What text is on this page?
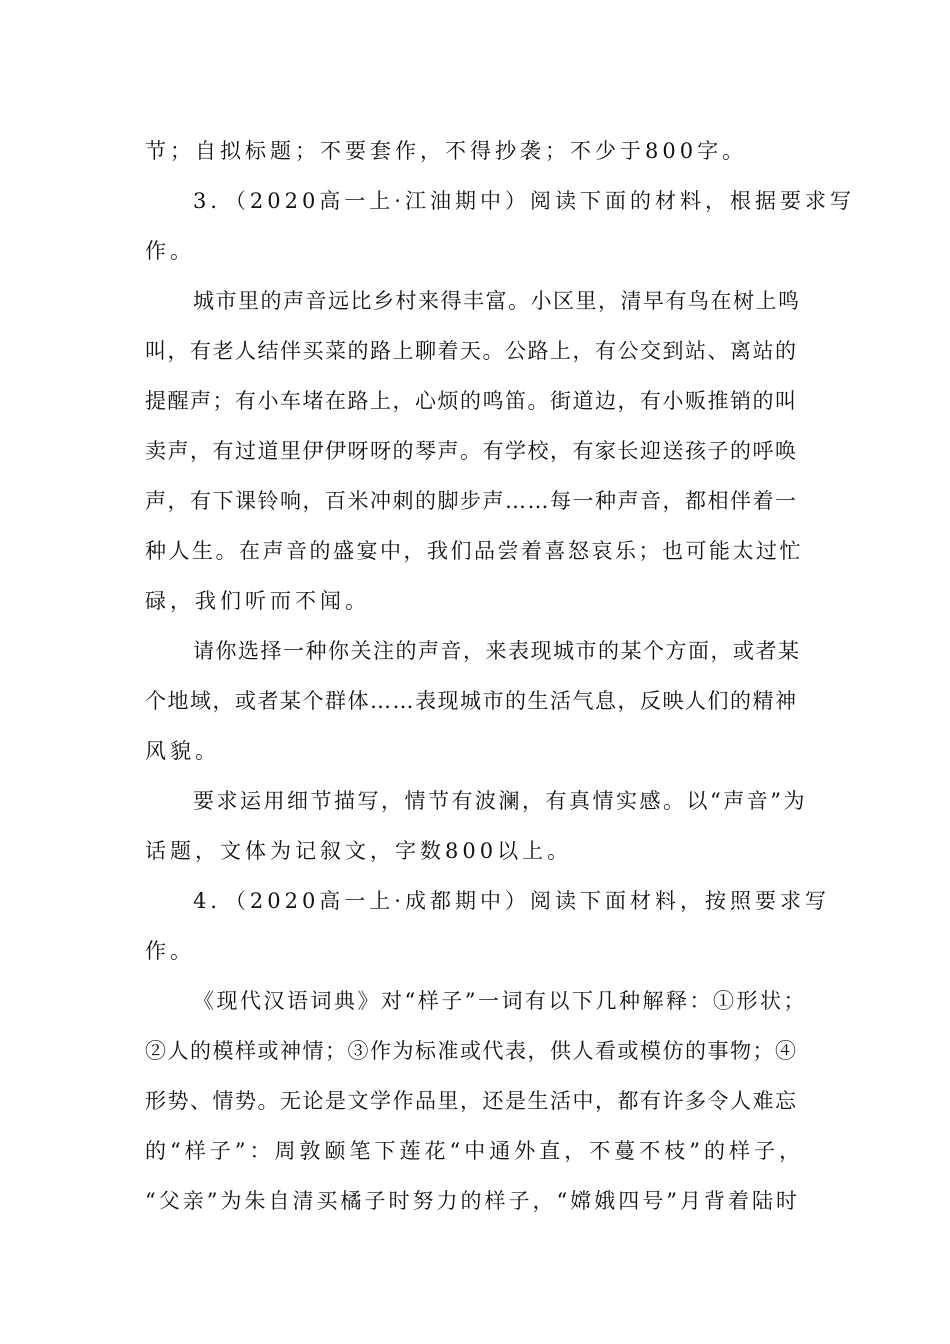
节；自拟标题；不要套作，不得抄袭；不少于800字。
3．（2020高一上·江油期中）阅读下面的材料，根据要求写
作。
城市里的声音远比乡村来得丰富。小区里，清早有鸟在树上鸣
叫，有老人结伴买菜的路上聊着天。公路上，有公交到站、离站的
提醒声；有小车堵在路上，心烦的鸣笛。街道边，有小贩推销的叫
卖声，有过道里伊伊呀呀的琴声。有学校，有家长迎送孩子的呼唤
声，有下课铃响，百米冲刺的脚步声……每一种声音，都相伴着一
种人生。在声音的盛宴中，我们品尝着喜怒哀乐；也可能太过忙
碌，我们听而不闻。
请你选择一种你关注的声音，来表现城市的某个方面，或者某
个地域，或者某个群体……表现城市的生活气息，反映人们的精神
风貌。
要求运用细节描写，情节有波澜，有真情实感。以“声音”为
话题，文体为记叙文，字数800以上。
4．（2020高一上·成都期中）阅读下面材料，按照要求写
作。
《现代汉语词典》对“样子”一词有以下几种解释：①形状；
②人的模样或神情；③作为标准或代表，供人看或模仿的事物；④
形势、情势。无论是文学作品里，还是生活中，都有许多令人难忘
的“样子”：周敦颐笔下莲花“中通外直，不蔓不枝”的样子，
“父亲”为朱自清买橘子时努力的样子，“嫦娥四号”月背着陆时
